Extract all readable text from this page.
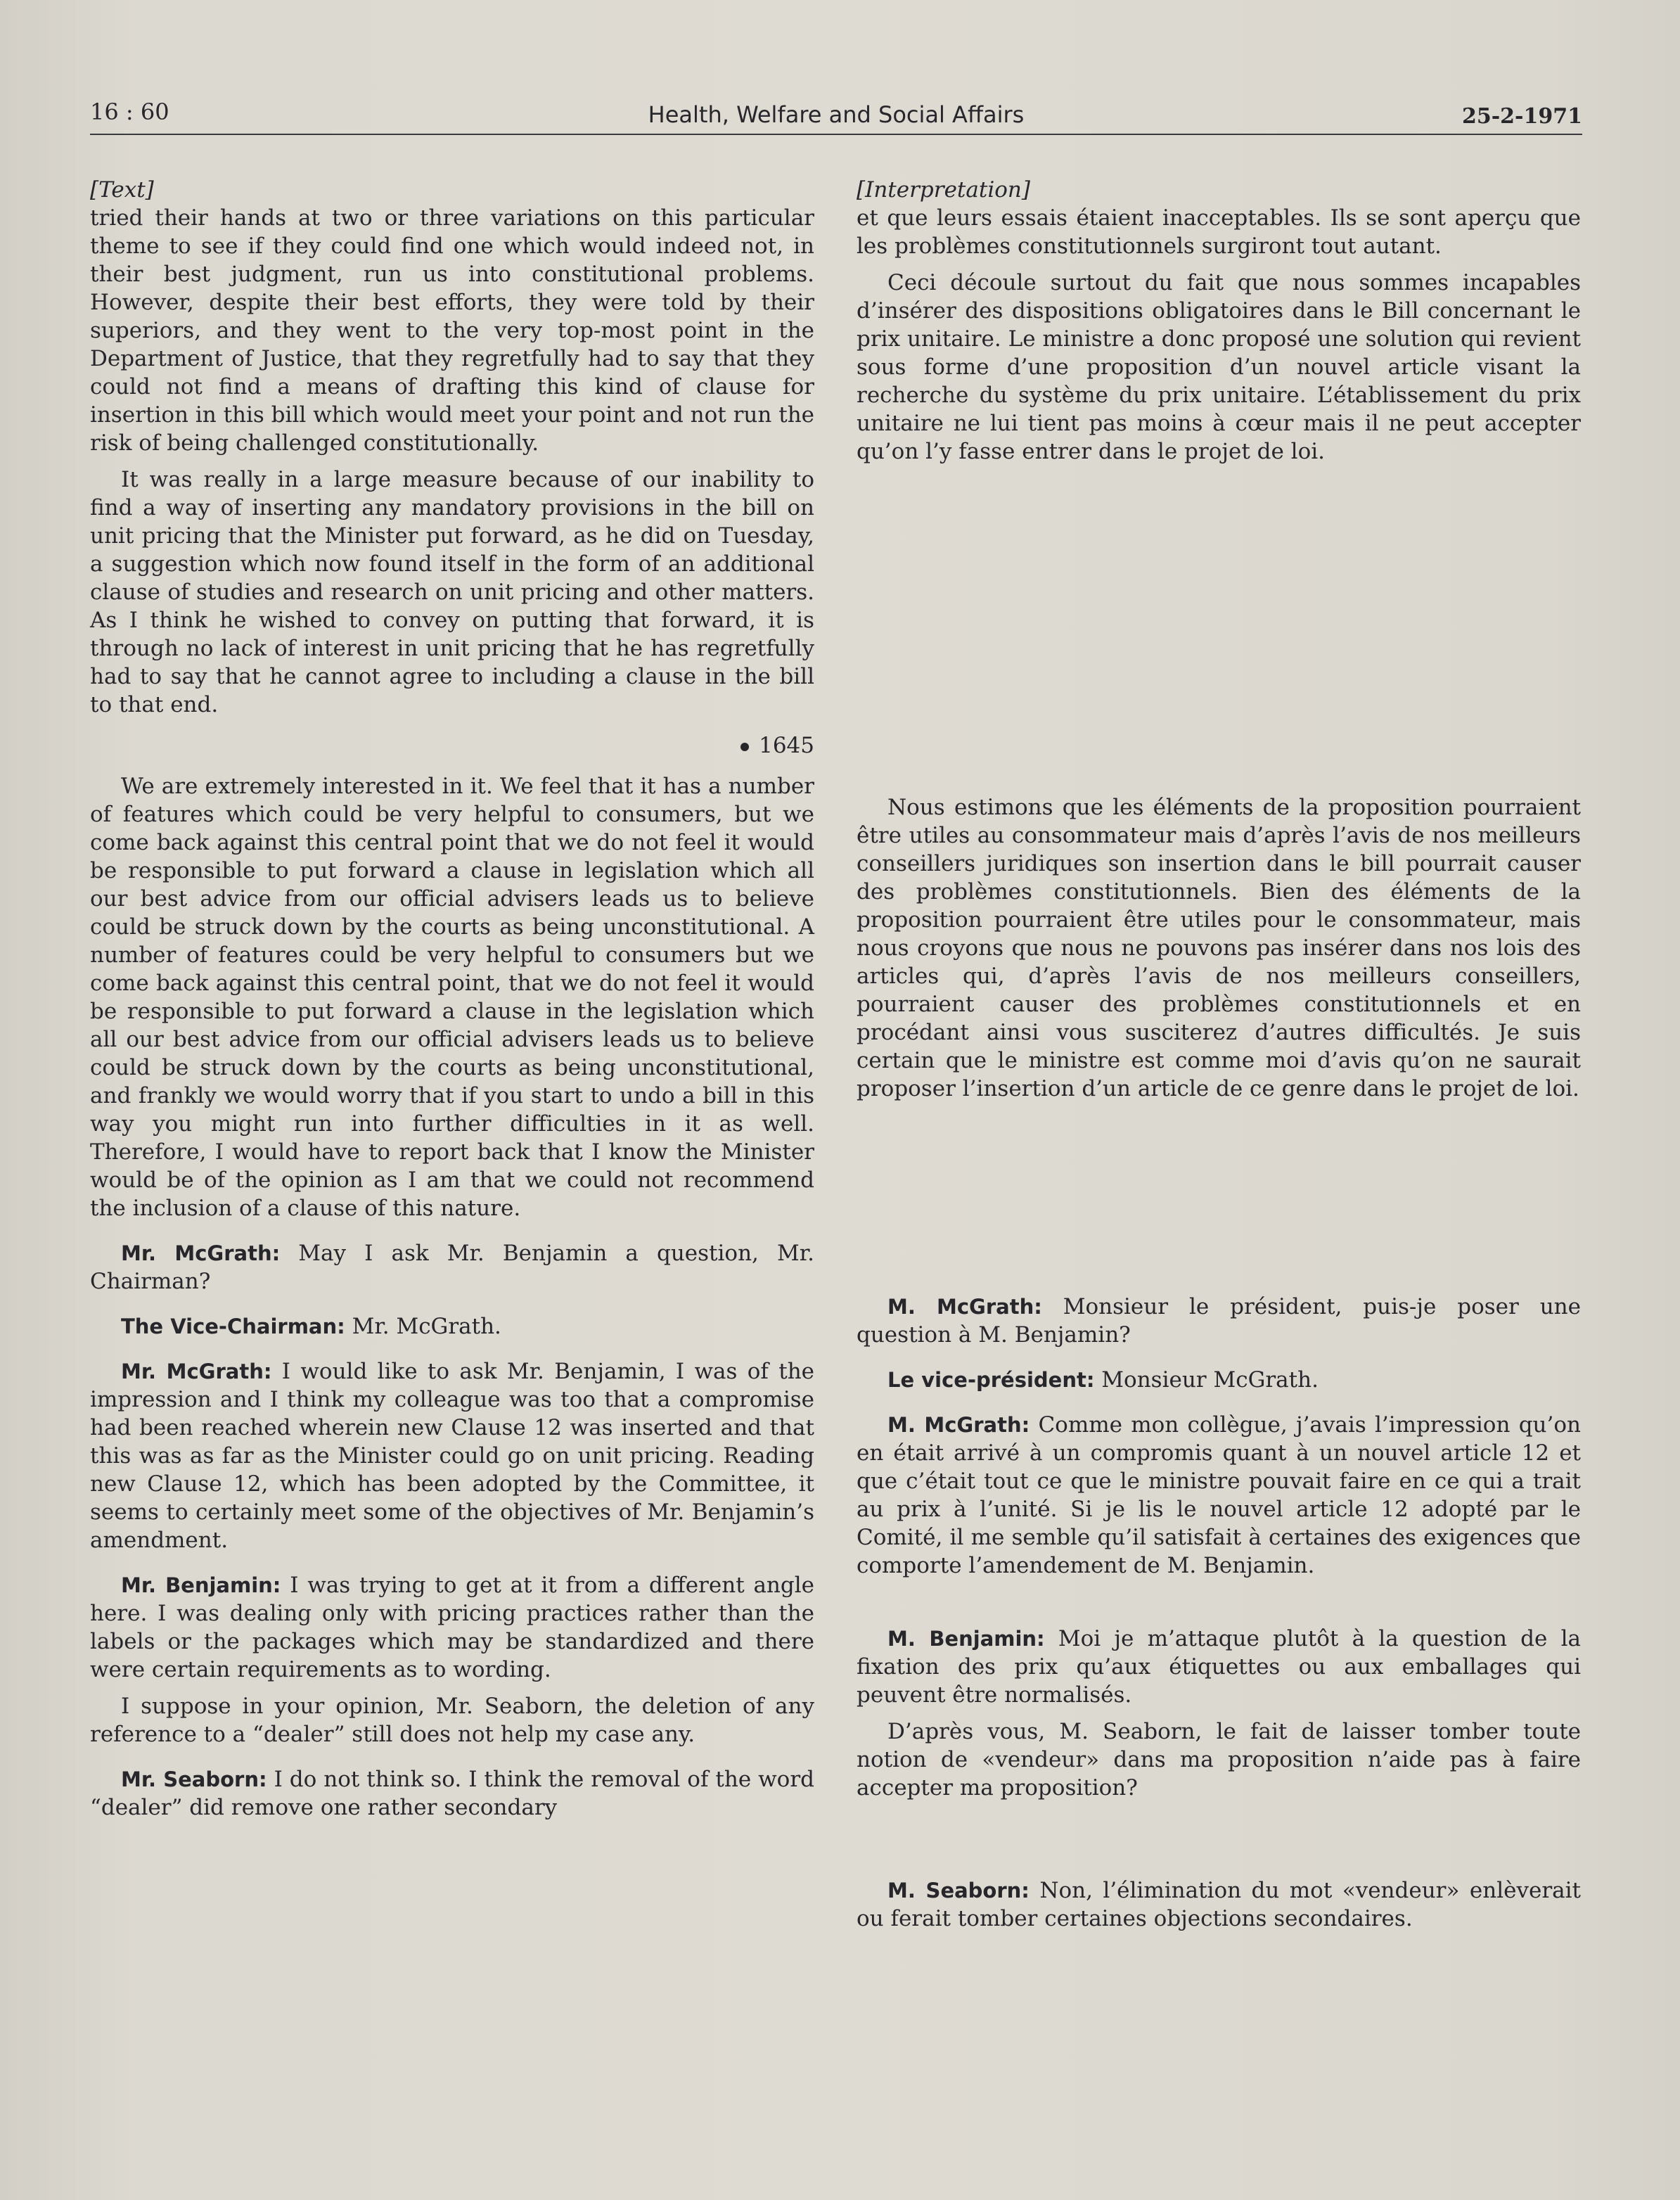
16 : 60	Health, Welfare and Social Affairs	25-2-1971

[Text]

tried their hands at two or three variations on this particular theme to see if they could find one which would indeed not, in their best judgment, run us into constitutional problems. However, despite their best efforts, they were told by their superiors, and they went to the very top-most point in the Department of Justice, that they regretfully had to say that they could not find a means of drafting this kind of clause for insertion in this bill which would meet your point and not run the risk of being challenged constitutionally.

It was really in a large measure because of our inability to find a way of inserting any mandatory provisions in the bill on unit pricing that the Minister put forward, as he did on Tuesday, a suggestion which now found itself in the form of an additional clause of studies and research on unit pricing and other matters. As I think he wished to convey on putting that forward, it is through no lack of interest in unit pricing that he has regretfully had to say that he cannot agree to including a clause in the bill to that end.

1645

We are extremely interested in it. We feel that it has a number of features which could be very helpful to consumers, but we come back against this central point that we do not feel it would be responsible to put forward a clause in legislation which all our best advice from our official advisers leads us to believe could be struck down by the courts as being unconstitutional. A number of features could be very helpful to consumers but we come back against this central point, that we do not feel it would be responsible to put forward a clause in the legislation which all our best advice from our official advisers leads us to believe could be struck down by the courts as being unconstitutional, and frankly we would worry that if you start to undo a bill in this way you might run into further difficulties in it as well. Therefore, I would have to report back that I know the Minister would be of the opinion as I am that we could not recommend the inclusion of a clause of this nature.

Mr. McGrath: May I ask Mr. Benjamin a question, Mr. Chairman?

The Vice-Chairman: Mr. McGrath.

Mr. McGrath: I would like to ask Mr. Benjamin, I was of the impression and I think my colleague was too that a compromise had been reached wherein new Clause 12 was inserted and that this was as far as the Minister could go on unit pricing. Reading new Clause 12, which has been adopted by the Committee, it seems to certainly meet some of the objectives of Mr. Benjamin’s amendment.

Mr. Benjamin: I was trying to get at it from a different angle here. I was dealing only with pricing practices rather than the labels or the packages which may be standardized and there were certain requirements as to wording.

I suppose in your opinion, Mr. Seaborn, the deletion of any reference to a “dealer” still does not help my case any.

Mr. Seaborn: I do not think so. I think the removal of the word “dealer” did remove one rather secondary

[Interpretation]

et que leurs essais étaient inacceptables. Ils se sont aperçu que les problèmes constitutionnels surgiront tout autant.

Ceci découle surtout du fait que nous sommes incapables d’insérer des dispositions obligatoires dans le Bill concernant le prix unitaire. Le ministre a donc proposé une solution qui revient sous forme d’une proposition d’un nouvel article visant la recherche du système du prix unitaire. L’établissement du prix unitaire ne lui tient pas moins à cœur mais il ne peut accepter qu’on l’y fasse entrer dans le projet de loi.

Nous estimons que les éléments de la proposition pourraient être utiles au consommateur mais d’après l’avis de nos meilleurs conseillers juridiques son insertion dans le bill pourrait causer des problèmes constitutionnels. Bien des éléments de la proposition pourraient être utiles pour le consommateur, mais nous croyons que nous ne pouvons pas insérer dans nos lois des articles qui, d’après l’avis de nos meilleurs conseillers, pourraient causer des problèmes constitutionnels et en procédant ainsi vous susciterez d’autres difficultés. Je suis certain que le ministre est comme moi d’avis qu’on ne saurait proposer l’insertion d’un article de ce genre dans le projet de loi.

M. McGrath: Monsieur le président, puis-je poser une question à M. Benjamin?

Le vice-président: Monsieur McGrath.

M. McGrath: Comme mon collègue, j’avais l’impression qu’on en était arrivé à un compromis quant à un nouvel article 12 et que c’était tout ce que le ministre pouvait faire en ce qui a trait au prix à l’unité. Si je lis le nouvel article 12 adopté par le Comité, il me semble qu’il satisfait à certaines des exigences que comporte l’amendement de M. Benjamin.

M. Benjamin: Moi je m’attaque plutôt à la question de la fixation des prix qu’aux étiquettes ou aux emballages qui peuvent être normalisés.

D’après vous, M. Seaborn, le fait de laisser tomber toute notion de «vendeur» dans ma proposition n’aide pas à faire accepter ma proposition?

M. Seaborn: Non, l’élimination du mot «vendeur» enlèverait ou ferait tomber certaines objections secondaires.
